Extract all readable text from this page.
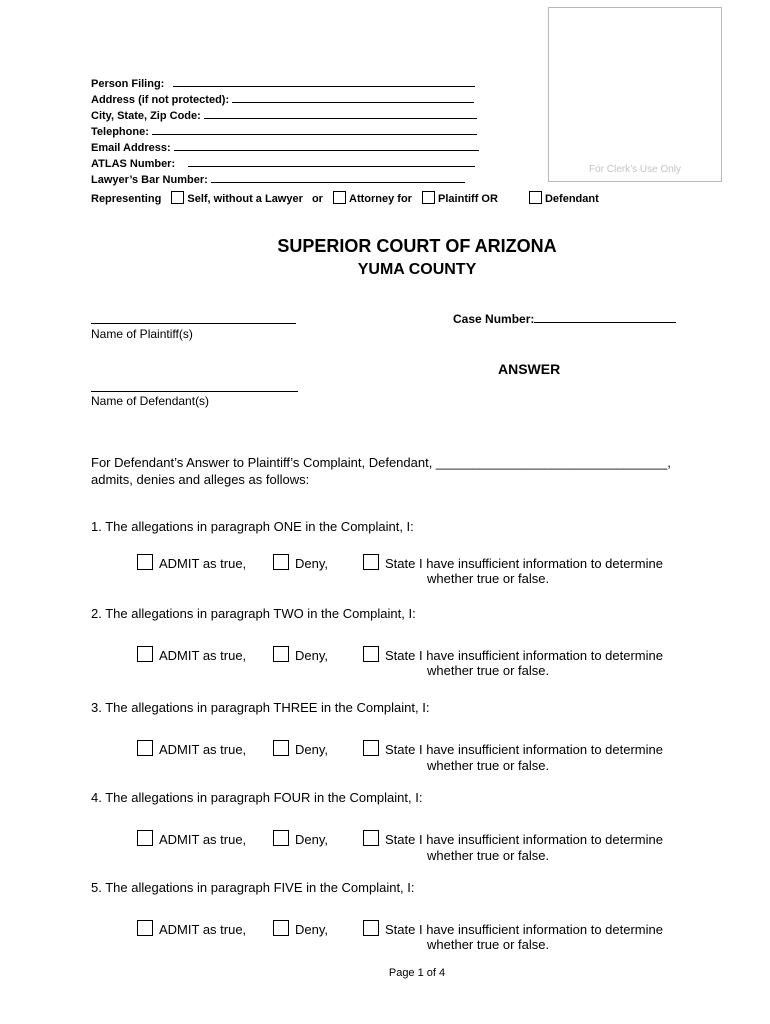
For Clerk’s Use Only
Person Filing:
Address (if not protected):
City, State, Zip Code:
Telephone:
Email Address:
ATLAS Number:
Lawyer’s Bar Number:
Representing Self, without a Lawyer or Attorney for Plaintiff OR	Defendant
SUPERIOR COURT OF ARIZONA
YUMA COUNTY
Name of Plaintiff(s)
Case Number:
ANSWER
Name of Defendant(s)
For Defendant’s Answer to Plaintiff’s Complaint, Defendant, ________________________________,
admits, denies and alleges as follows:
1. The allegations in paragraph ONE in the Complaint, I:
ADMIT as true,	Deny,	State I have insufficient information to determine
whether true or false.
2. The allegations in paragraph TWO in the Complaint, I:
ADMIT as true,	Deny,	State I have insufficient information to determine
whether true or false.
3. The allegations in paragraph THREE in the Complaint, I:
ADMIT as true,	Deny,	State I have insufficient information to determine
whether true or false.
4. The allegations in paragraph FOUR in the Complaint, I:
ADMIT as true,	Deny,	State I have insufficient information to determine
whether true or false.
5. The allegations in paragraph FIVE in the Complaint, I:
ADMIT as true,	Deny,	State I have insufficient information to determine
whether true or false.
Page 1 of 4
